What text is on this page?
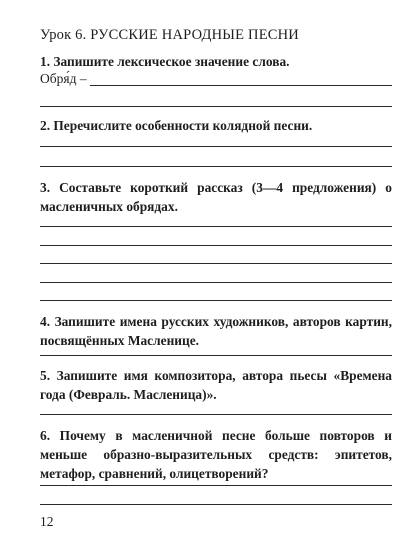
Урок 6. РУССКИЕ НАРОДНЫЕ ПЕСНИ
1. Запишите лексическое значение слова.
Обря́д –
2. Перечислите особенности колядной песни.
3. Составьте короткий рассказ (3—4 предложения) о масленичных обрядах.
4. Запишите имена русских художников, авторов картин, посвящённых Масленице.
5. Запишите имя композитора, автора пьесы «Времена года (Февраль. Масленица)».
6. Почему в масленичной песне больше повторов и меньше образно-выразительных средств: эпитетов, метафор, сравнений, олицетворений?
12
